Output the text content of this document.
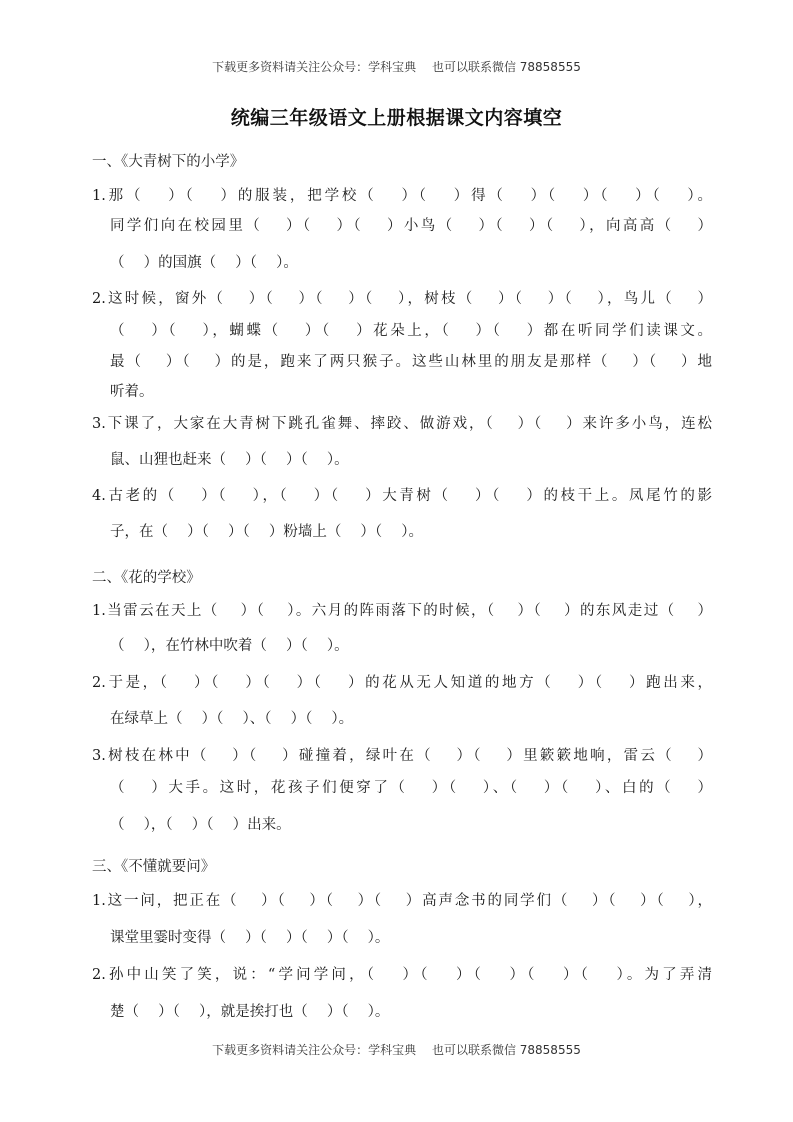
下载更多资料请关注公众号：学科宝典　 也可以联系微信 78858555
统编三年级语文上册根据课文内容填空
一、《大青树下的小学》
1.那（　 ）（　 ）的服装，把学校（　 ）（　 ）得（　 ）（　 ）（　 ）（　 ）。
同学们向在校园里（　 ）（　 ）（　 ）小鸟（　 ）（　 ）（　 ），向高高（　 ）
（　 ）的国旗（　 ）（　 ）。
2.这时候，窗外（　 ）（　 ）（　 ）（　 ），树枝（　 ）（　 ）（　 ），鸟儿（　 ）
（　 ）（　 ），蝴蝶（　 ）（　 ）花朵上，（　 ）（　 ）都在听同学们读课文。
最（　 ）（　 ）的是，跑来了两只猴子。这些山林里的朋友是那样（　 ）（　 ）地
听着。
3.下课了，大家在大青树下跳孔雀舞、摔跤、做游戏，（　 ）（　 ）来许多小鸟，连松
鼠、山狸也赶来（　 ）（　 ）（　 ）。
4.古老的（　 ）（　 ），（　 ）（　 ）大青树（　 ）（　 ）的枝干上。凤尾竹的影
子，在（　 ）（　 ）（　 ）粉墙上（　 ）（　 ）。
二、《花的学校》
1.当雷云在天上（　 ）（　 ）。六月的阵雨落下的时候，（　 ）（　 ）的东风走过（　 ）
（　 ），在竹林中吹着（　 ）（　 ）。
2.于是，（　 ）（　 ）（　 ）（　 ）的花从无人知道的地方（　 ）（　 ）跑出来，
在绿草上（　 ）（　 ）、（　 ）（　 ）。
3.树枝在林中（　 ）（　 ）碰撞着，绿叶在（　 ）（　 ）里簌簌地响，雷云（　 ）
（　 ）大手。这时，花孩子们便穿了（　 ）（　 ）、（　 ）（　 ）、白的（　 ）
（　 ），（　 ）（　 ）出来。
三、《不懂就要问》
1.这一问，把正在（　 ）（　 ）（　 ）（　 ）高声念书的同学们（　 ）（　 ）（　 ），
课堂里霎时变得（　 ）（　 ）（　 ）（　 ）。
2.孙中山笑了笑，说：“学问学问，（　 ）（　 ）（　 ）（　 ）（　 ）。为了弄清
楚（　 ）（　 ），就是挨打也（　 ）（　 ）。
下载更多资料请关注公众号：学科宝典　 也可以联系微信 78858555
